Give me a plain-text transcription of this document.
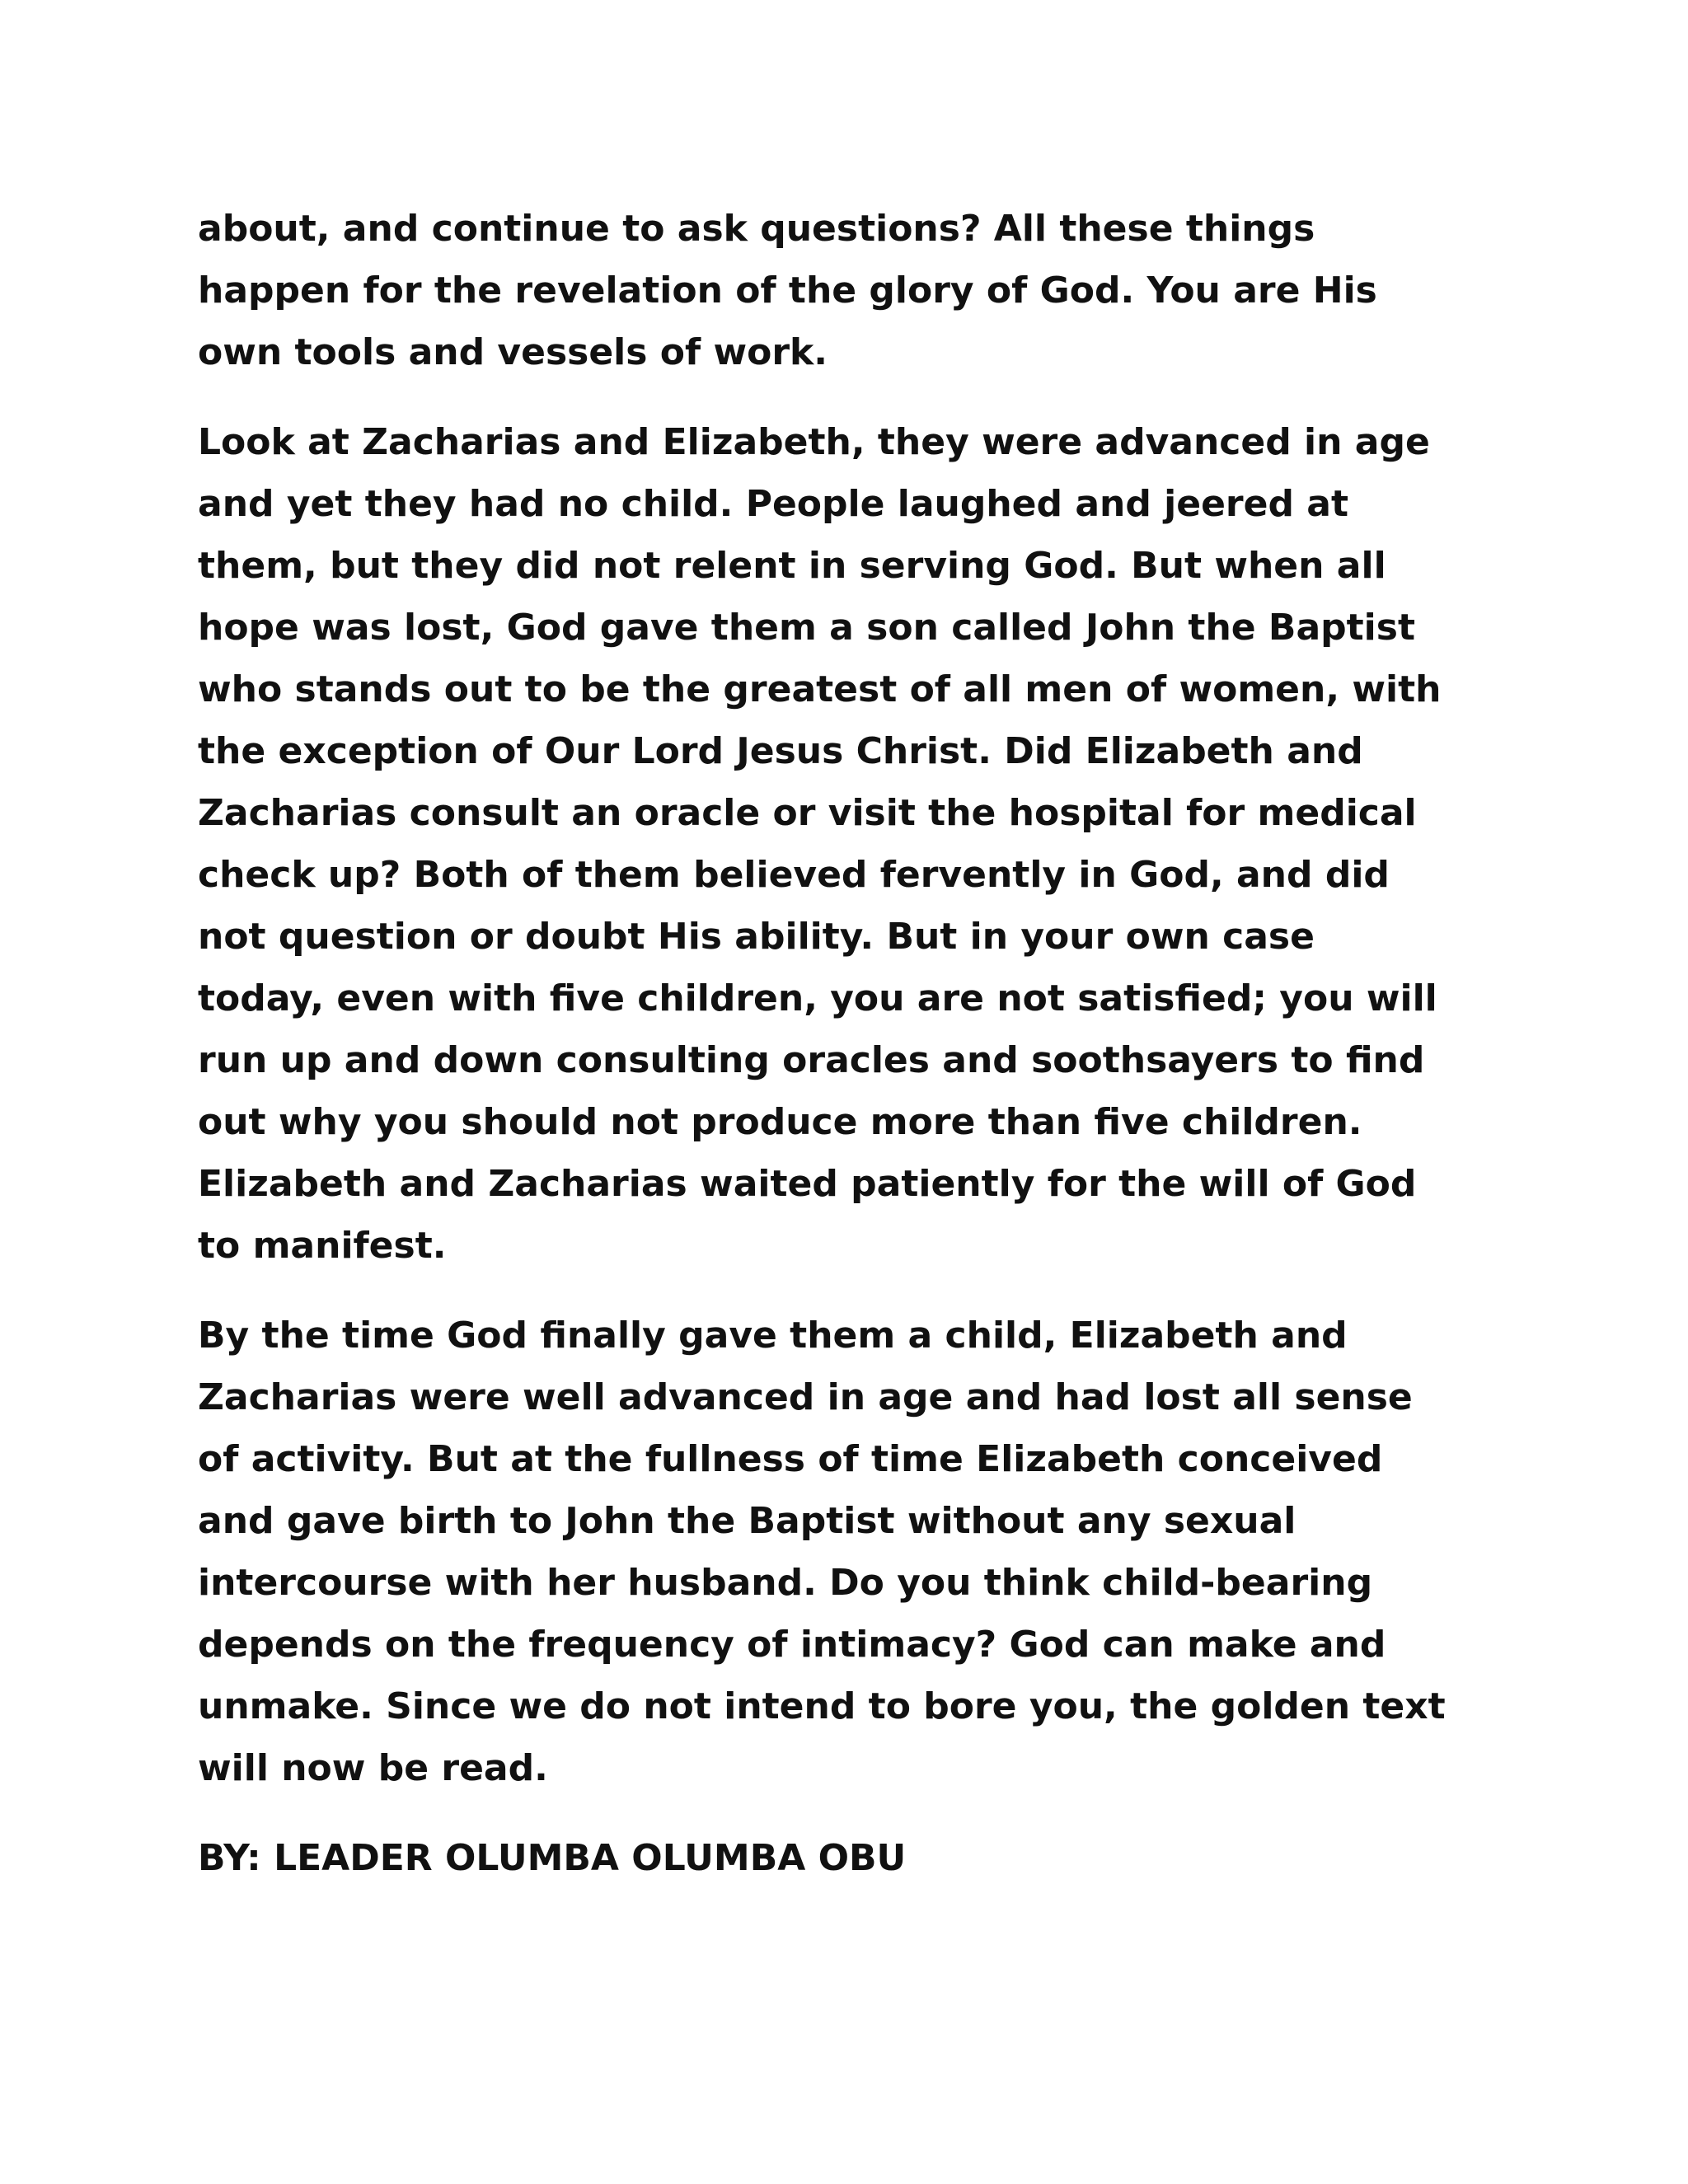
about, and continue to ask questions? All these things
happen for the revelation of the glory of God. You are His
own tools and vessels of work.

Look at Zacharias and Elizabeth, they were advanced in age
and yet they had no child. People laughed and jeered at
them, but they did not relent in serving God. But when all
hope was lost, God gave them a son called John the Baptist
who stands out to be the greatest of all men of women, with
the exception of Our Lord Jesus Christ. Did Elizabeth and
Zacharias consult an oracle or visit the hospital for medical
check up? Both of them believed fervently in God, and did
not question or doubt His ability. But in your own case
today, even with five children, you are not satisfied; you will
run up and down consulting oracles and soothsayers to find
out why you should not produce more than five children.
Elizabeth and Zacharias waited patiently for the will of God
to manifest.

By the time God finally gave them a child, Elizabeth and
Zacharias were well advanced in age and had lost all sense
of activity. But at the fullness of time Elizabeth conceived
and gave birth to John the Baptist without any sexual
intercourse with her husband. Do you think child-bearing
depends on the frequency of intimacy? God can make and
unmake. Since we do not intend to bore you, the golden text
will now be read.

BY: LEADER OLUMBA OLUMBA OBU
